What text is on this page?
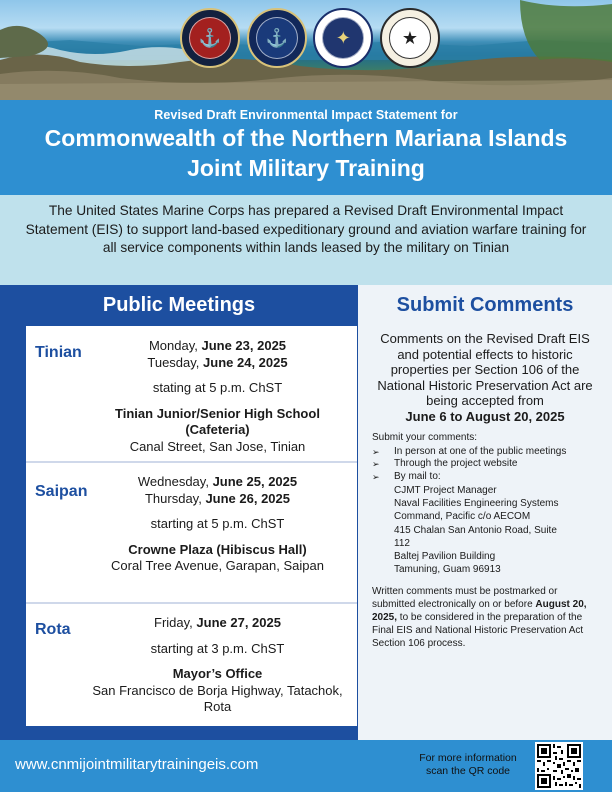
⚓	⚓	✦	★
Revised Draft Environmental Impact Statement for
Commonwealth of the Northern Mariana Islands
Joint Military Training

The United States Marine Corps has prepared a Revised Draft Environmental Impact Statement (EIS) to support land-based expeditionary ground and aviation warfare training for all service components within lands leased by the military on Tinian

Public Meetings
Tinian	Monday, June 23, 2025
Tuesday, June 24, 2025
stating at 5 p.m. ChST
Tinian Junior/Senior High School (Cafeteria)
Canal Street, San Jose, Tinian
Saipan
Wednesday, June 25, 2025
Thursday, June 26, 2025
starting at 5 p.m. ChST
Crowne Plaza (Hibiscus Hall)
Coral Tree Avenue, Garapan, Saipan
Rota	Friday, June 27, 2025
starting at 3 p.m. ChST
Mayor’s Office
San Francisco de Borja Highway, Tatachok, Rota
Submit Comments
Comments on the Revised Draft EIS and potential effects to historic properties per Section 106 of the National Historic Preservation Act are being accepted from
June 6 to August 20, 2025
Submit your comments:
➢	In person at one of the public meetings
➢	Through the project website
➢	By mail to:
CJMT Project Manager
Naval Facilities Engineering Systems Command, Pacific c/o AECOM
415 Chalan San Antonio Road, Suite 112
Baltej Pavilion Building
Tamuning, Guam 96913
Written comments must be postmarked or submitted electronically on or before August 20, 2025, to be considered in the preparation of the Final EIS and National Historic Preservation Act Section 106 process.
www.cnmijointmilitarytrainingeis.com	For more information scan the QR code
